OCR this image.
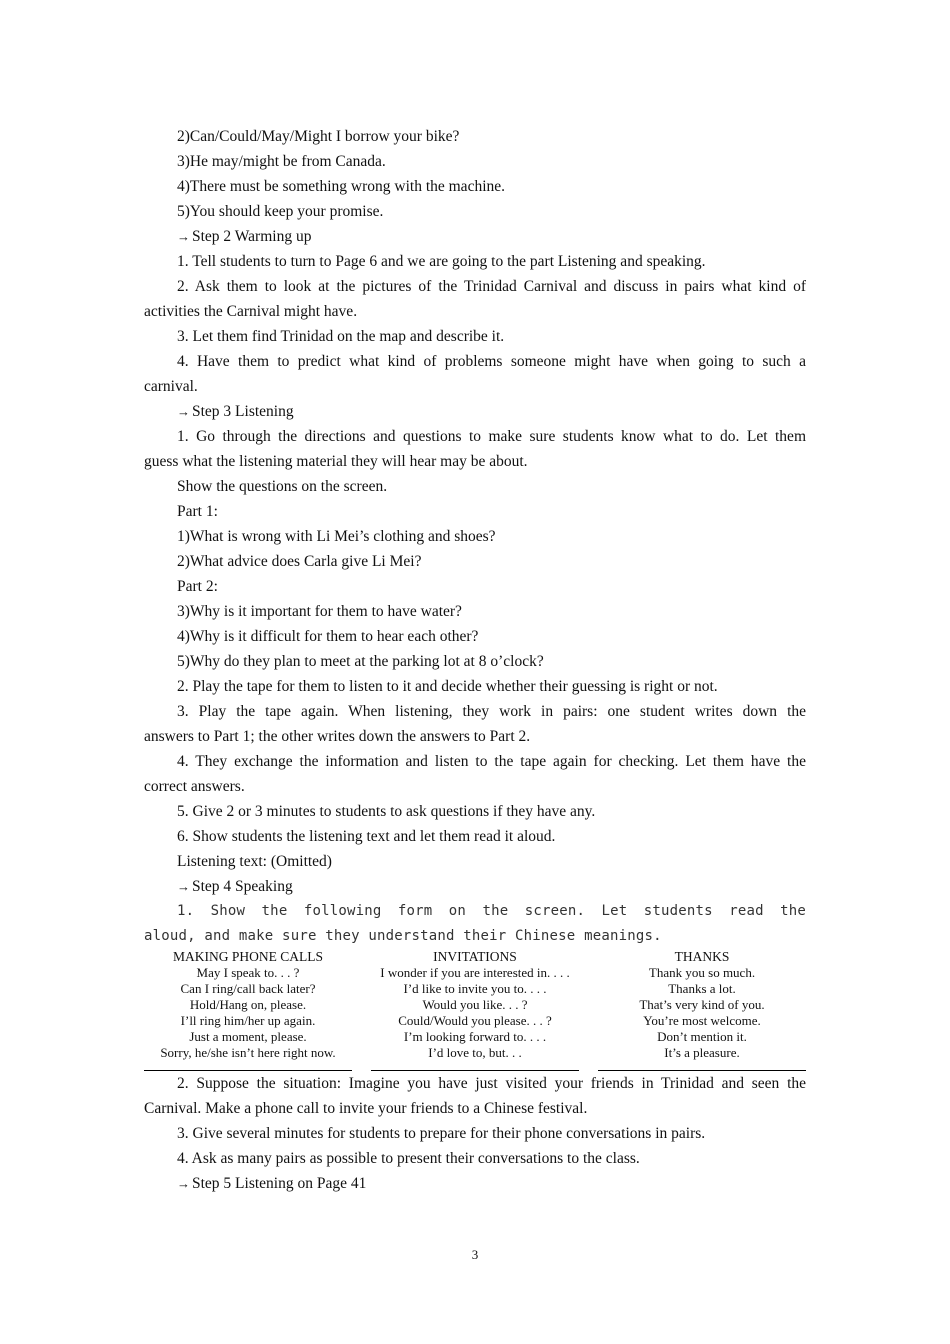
2)Can/Could/May/Might I borrow your bike?
3)He may/might be from Canada.
4)There must be something wrong with the machine.
5)You should keep your promise.
→ Step 2 Warming up
1. Tell students to turn to Page 6 and we are going to the part Listening and speaking.
2. Ask them to look at the pictures of the Trinidad Carnival and discuss in pairs what kind of
activities the Carnival might have.
3. Let them find Trinidad on the map and describe it.
4. Have them to predict what kind of problems someone might have when going to such a
carnival.
→ Step 3 Listening
1. Go through the directions and questions to make sure students know what to do. Let them
guess what the listening material they will hear may be about.
Show the questions on the screen.
Part 1:
1)What is wrong with Li Mei’s clothing and shoes?
2)What advice does Carla give Li Mei?
Part 2:
3)Why is it important for them to have water?
4)Why is it difficult for them to hear each other?
5)Why do they plan to meet at the parking lot at 8 o’clock?
2. Play the tape for them to listen to it and decide whether their guessing is right or not.
3. Play the tape again. When listening, they work in pairs: one student writes down the
answers to Part 1; the other writes down the answers to Part 2.
4. They exchange the information and listen to the tape again for checking. Let them have the
correct answers.
5. Give 2 or 3 minutes to students to ask questions if they have any.
6. Show students the listening text and let them read it aloud.
Listening text: (Omitted)
→ Step 4 Speaking
1. Show the following form on the screen. Let students read the
aloud, and make sure they understand their Chinese meanings.
MAKING PHONE CALLS
May I speak to. . . ?
Can I ring/call back later?
Hold/Hang on, please.
I’ll ring him/her up again.
Just a moment, please.
Sorry, he/she isn’t here right now.
INVITATIONS
I wonder if you are interested in. . . .
I’d like to invite you to. . . .
Would you like. . . ?
Could/Would you please. . . ?
I’m looking forward to. . . .
I’d love to, but. . .
THANKS
Thank you so much.
Thanks a lot.
That’s very kind of you.
You’re most welcome.
Don’t mention it.
It’s a pleasure.
2. Suppose the situation: Imagine you have just visited your friends in Trinidad and seen the
Carnival. Make a phone call to invite your friends to a Chinese festival.
3. Give several minutes for students to prepare for their phone conversations in pairs.
4. Ask as many pairs as possible to present their conversations to the class.
→ Step 5 Listening on Page 41
3
